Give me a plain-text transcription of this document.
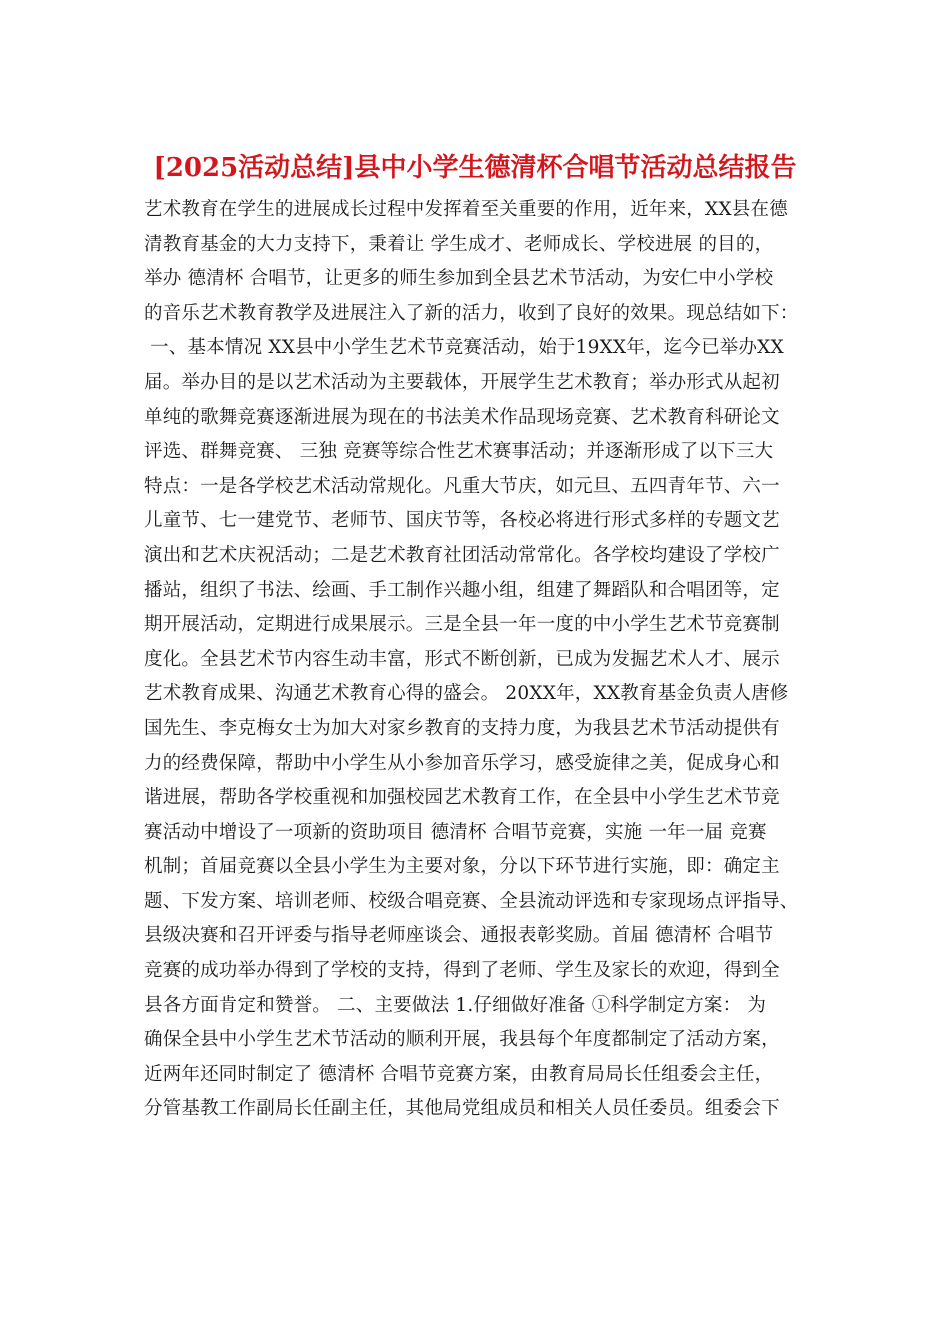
[2025活动总结]县中小学生德清杯合唱节活动总结报告
艺术教育在学生的进展成长过程中发挥着至关重要的作用，近年来，XX县在德
清教育基金的大力支持下，秉着让 学生成才、老师成长、学校进展 的目的，
举办 德清杯 合唱节，让更多的师生参加到全县艺术节活动，为安仁中小学校
的音乐艺术教育教学及进展注入了新的活力，收到了良好的效果。现总结如下：
一、基本情况 XX县中小学生艺术节竞赛活动，始于19XX年，迄今已举办XX
届。举办目的是以艺术活动为主要载体，开展学生艺术教育；举办形式从起初
单纯的歌舞竞赛逐渐进展为现在的书法美术作品现场竞赛、艺术教育科研论文
评选、群舞竞赛、 三独 竞赛等综合性艺术赛事活动；并逐渐形成了以下三大
特点：一是各学校艺术活动常规化。凡重大节庆，如元旦、五四青年节、六一
儿童节、七一建党节、老师节、国庆节等，各校必将进行形式多样的专题文艺
演出和艺术庆祝活动；二是艺术教育社团活动常常化。各学校均建设了学校广
播站，组织了书法、绘画、手工制作兴趣小组，组建了舞蹈队和合唱团等，定
期开展活动，定期进行成果展示。三是全县一年一度的中小学生艺术节竞赛制
度化。全县艺术节内容生动丰富，形式不断创新，已成为发掘艺术人才、展示
艺术教育成果、沟通艺术教育心得的盛会。 20XX年，XX教育基金负责人唐修
国先生、李克梅女士为加大对家乡教育的支持力度，为我县艺术节活动提供有
力的经费保障，帮助中小学生从小参加音乐学习，感受旋律之美，促成身心和
谐进展，帮助各学校重视和加强校园艺术教育工作，在全县中小学生艺术节竞
赛活动中增设了一项新的资助项目 德清杯 合唱节竞赛，实施 一年一届 竞赛
机制；首届竞赛以全县小学生为主要对象，分以下环节进行实施，即：确定主
题、下发方案、培训老师、校级合唱竞赛、全县流动评选和专家现场点评指导、
县级决赛和召开评委与指导老师座谈会、通报表彰奖励。首届 德清杯 合唱节
竞赛的成功举办得到了学校的支持，得到了老师、学生及家长的欢迎，得到全
县各方面肯定和赞誉。 二、主要做法 1.仔细做好准备 ①科学制定方案： 为
确保全县中小学生艺术节活动的顺利开展，我县每个年度都制定了活动方案，
近两年还同时制定了 德清杯 合唱节竞赛方案，由教育局局长任组委会主任，
分管基教工作副局长任副主任，其他局党组成员和相关人员任委员。组委会下
